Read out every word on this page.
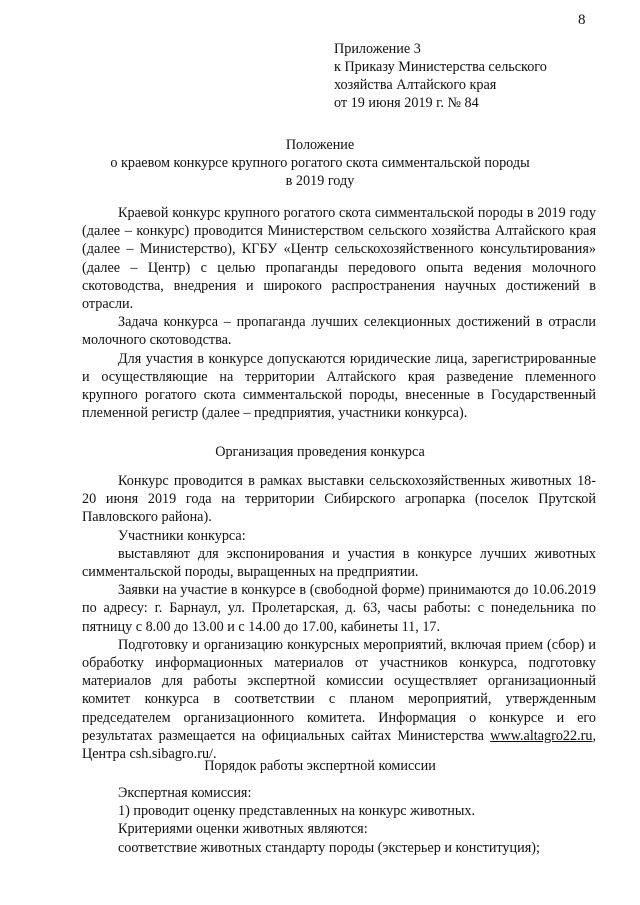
8
Приложение 3
к Приказу Министерства сельского
хозяйства Алтайского края
от 19 июня 2019 г. № 84
Положение
о краевом конкурсе крупного рогатого скота симментальской породы
в 2019 году

Краевой конкурс крупного рогатого скота симментальской породы в 2019 году (далее – конкурс) проводится Министерством сельского хозяйства Алтайского края (далее – Министерство), КГБУ «Центр сельскохозяйственного консультирования» (далее – Центр) с целью пропаганды передового опыта ведения молочного скотоводства, внедрения и широкого распространения научных достижений в отрасли.

Задача конкурса – пропаганда лучших селекционных достижений в отрасли молочного скотоводства.

Для участия в конкурсе допускаются юридические лица, зарегистрированные и осуществляющие на территории Алтайского края разведение племенного крупного рогатого скота симментальской породы, внесенные в Государственный племенной регистр (далее – предприятия, участники конкурса).

Организация проведения конкурса

Конкурс проводится в рамках выставки сельскохозяйственных животных 18-20 июня 2019 года на территории Сибирского агропарка (поселок Прутской Павловского района).

Участники конкурса:

выставляют для экспонирования и участия в конкурсе лучших животных симментальской породы, выращенных на предприятии.

Заявки на участие в конкурсе в (свободной форме) принимаются до 10.06.2019 по адресу: г. Барнаул, ул. Пролетарская, д. 63, часы работы: с понедельника по пятницу с 8.00 до 13.00 и с 14.00 до 17.00, кабинеты 11, 17.

Подготовку и организацию конкурсных мероприятий, включая прием (сбор) и обработку информационных материалов от участников конкурса, подготовку материалов для работы экспертной комиссии осуществляет организационный комитет конкурса в соответствии с планом мероприятий, утвержденным председателем организационного комитета. Информация о конкурсе и его результатах размещается на официальных сайтах Министерства www.altagro22.ru, Центра csh.sibagro.ru/.

Порядок работы экспертной комиссии

Экспертная комиссия:

1) проводит оценку представленных на конкурс животных.

Критериями оценки животных являются:

соответствие животных стандарту породы (экстерьер и конституция);
